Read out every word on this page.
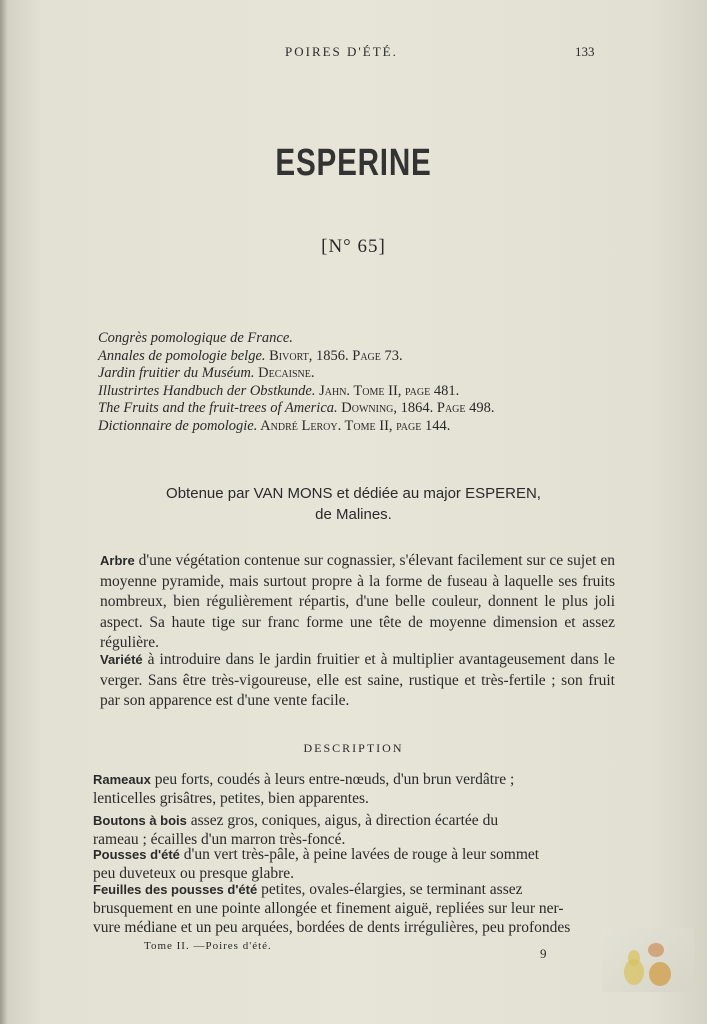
POIRES D'ÉTÉ.	133
ESPERINE
[N° 65]
Congrès pomologique de France.
Annales de pomologie belge. Bivort, 1856. Page 73.
Jardin fruitier du Muséum. Decaisne.
Illustrirtes Handbuch der Obstkunde. Jahn. Tome II, page 481.
The Fruits and the fruit-trees of America. Downing, 1864. Page 498.
Dictionnaire de pomologie. André Leroy. Tome II, page 144.
Obtenue par VAN MONS et dédiée au major ESPEREN,
de Malines.
Arbre d'une végétation contenue sur cognassier, s'élevant facilement sur ce sujet en moyenne pyramide, mais surtout propre à la forme de fuseau à laquelle ses fruits nombreux, bien régulièrement répartis, d'une belle couleur, donnent le plus joli aspect. Sa haute tige sur franc forme une tête de moyenne dimension et assez régulière.
Variété à introduire dans le jardin fruitier et à multiplier avantageusement dans le verger. Sans être très-vigoureuse, elle est saine, rustique et très-fertile ; son fruit par son apparence est d'une vente facile.
DESCRIPTION
Rameaux peu forts, coudés à leurs entre-nœuds, d'un brun verdâtre ;
lenticelles grisâtres, petites, bien apparentes.
Boutons à bois assez gros, coniques, aigus, à direction écartée du
rameau ; écailles d'un marron très-foncé.
Pousses d'été d'un vert très-pâle, à peine lavées de rouge à leur sommet
peu duveteux ou presque glabre.
Feuilles des pousses d'été petites, ovales-élargies, se terminant assez
brusquement en une pointe allongée et finement aiguë, repliées sur leur ner-
vure médiane et un peu arquées, bordées de dents irrégulières, peu profondes
Tome II. —Poires d'été.	9
